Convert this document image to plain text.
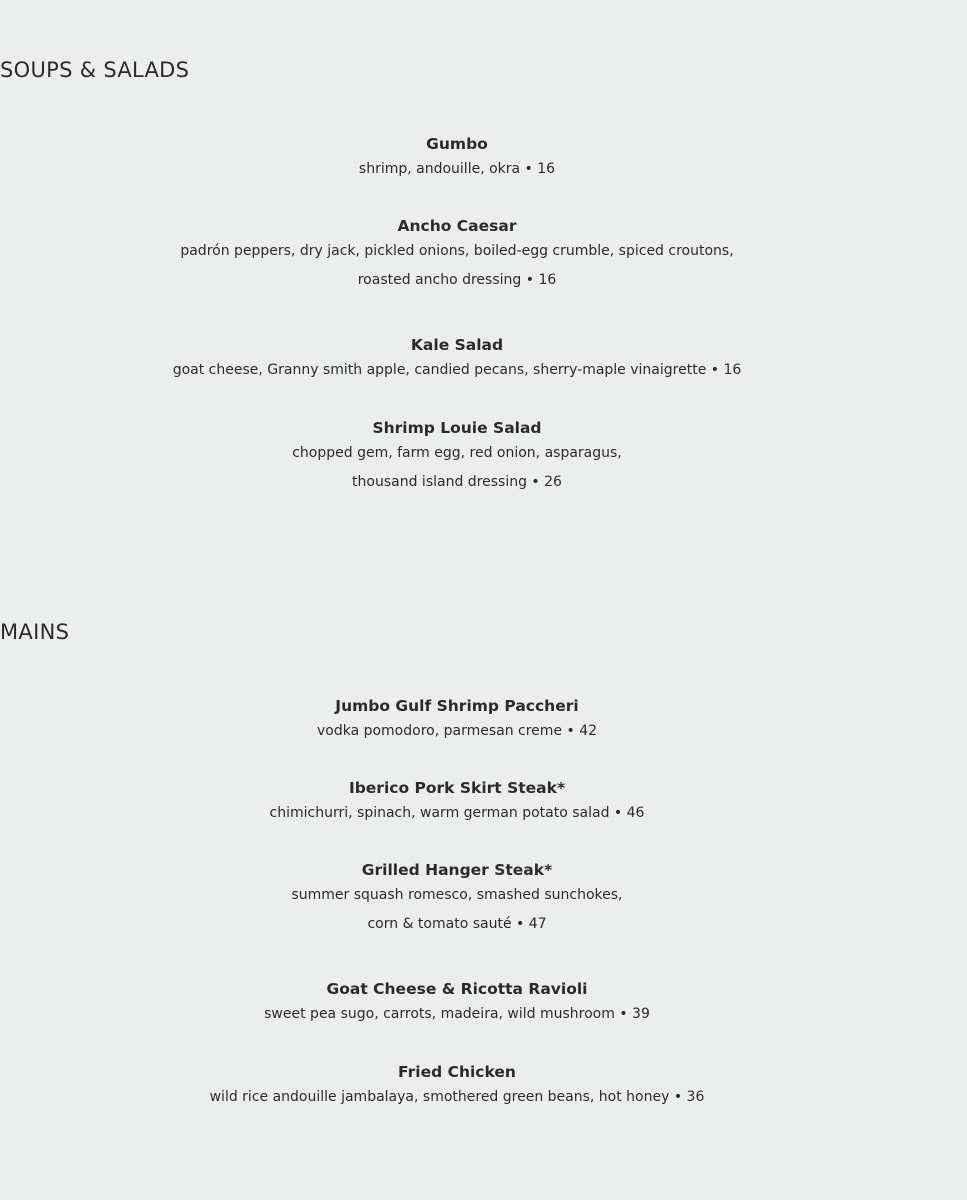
SOUPS & SALADS
Gumbo
shrimp, andouille, okra • 16
Ancho Caesar
padrón peppers, dry jack, pickled onions, boiled-egg crumble, spiced croutons,
roasted ancho dressing • 16
Kale Salad
goat cheese, Granny smith apple, candied pecans, sherry-maple vinaigrette • 16
Shrimp Louie Salad
chopped gem, farm egg, red onion, asparagus,
thousand island dressing • 26
MAINS
Jumbo Gulf Shrimp Paccheri
vodka pomodoro, parmesan creme • 42
Iberico Pork Skirt Steak*
chimichurri, spinach, warm german potato salad • 46
Grilled Hanger Steak*
summer squash romesco, smashed sunchokes,
corn & tomato sauté • 47
Goat Cheese & Ricotta Ravioli
sweet pea sugo, carrots, madeira, wild mushroom • 39
Fried Chicken
wild rice andouille jambalaya, smothered green beans, hot honey • 36
